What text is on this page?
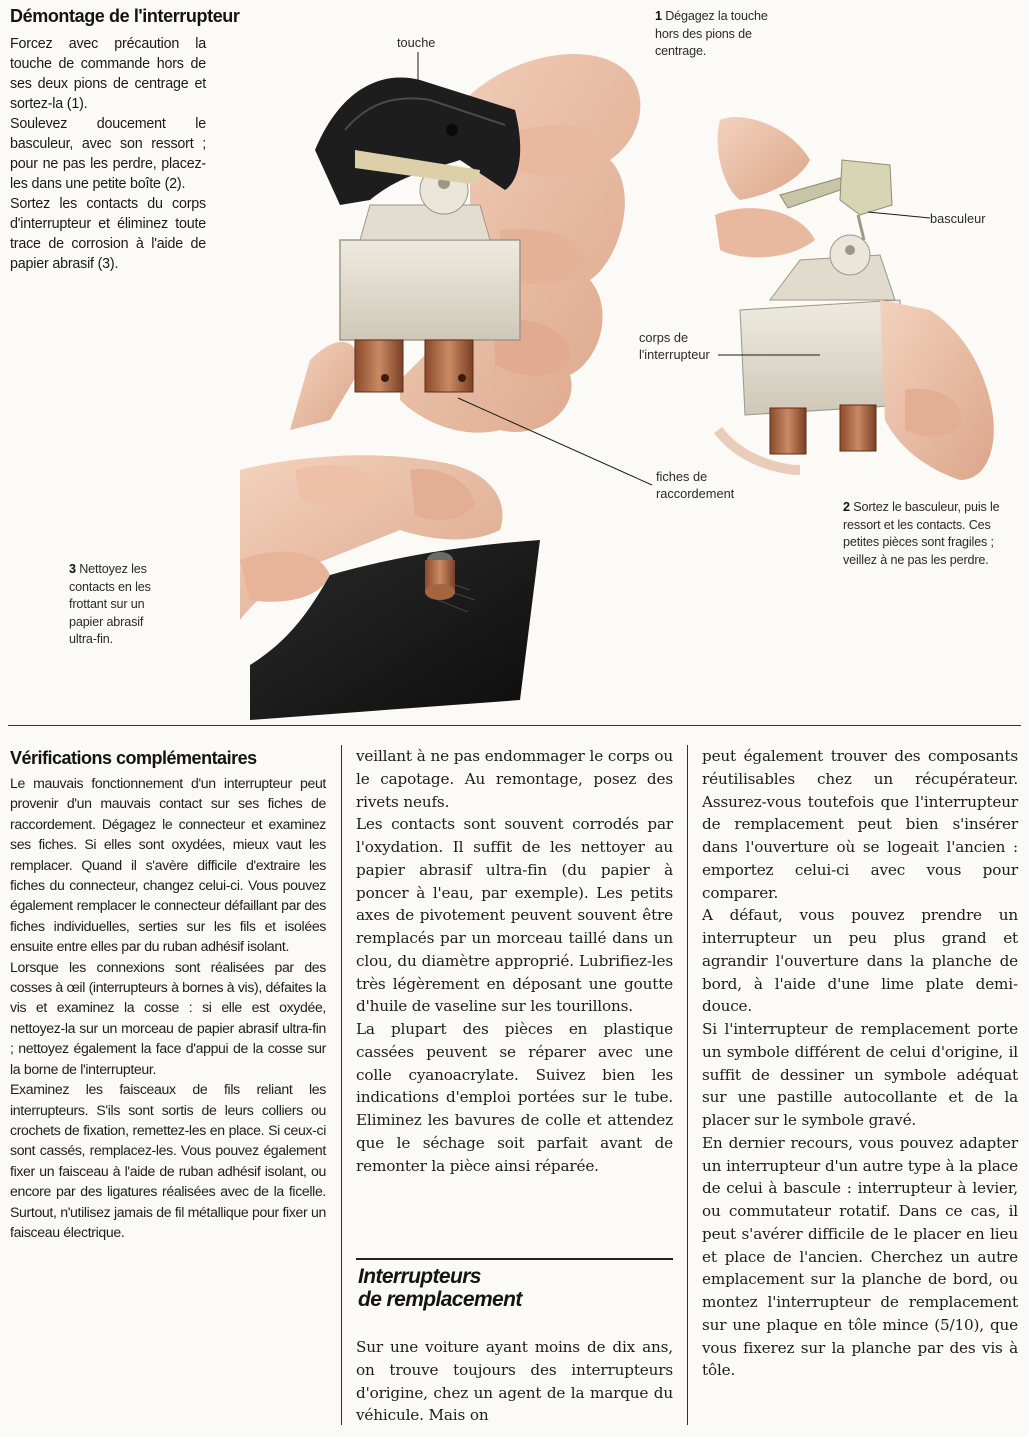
Démontage de l'interrupteur

Forcez avec précaution la touche de commande hors de ses deux pions de centrage et sortez-la (1).

Soulevez doucement le basculeur, avec son ressort ; pour ne pas les perdre, placez-les dans une petite boîte (2).

Sortez les contacts du corps d'interrupteur et éliminez toute trace de corrosion à l'aide de papier abrasif (3).

touche
basculeur
corps de l'interrupteur
fiches de raccordement
1 Dégagez la touche hors des pions de centrage.
2 Sortez le basculeur, puis le ressort et les contacts. Ces petites pièces sont fragiles ; veillez à ne pas les perdre.
3 Nettoyez les contacts en les frottant sur un papier abrasif ultra-fin.
Vérifications complémentaires

Le mauvais fonctionnement d'un interrupteur peut provenir d'un mauvais contact sur ses fiches de raccordement. Dégagez le connecteur et examinez ses fiches. Si elles sont oxydées, mieux vaut les remplacer. Quand il s'avère difficile d'extraire les fiches du connecteur, changez celui-ci. Vous pouvez également remplacer le connecteur défaillant par des fiches individuelles, serties sur les fils et isolées ensuite entre elles par du ruban adhésif isolant.

Lorsque les connexions sont réalisées par des cosses à œil (interrupteurs à bornes à vis), défaites la vis et examinez la cosse : si elle est oxydée, nettoyez-la sur un morceau de papier abrasif ultra-fin ; nettoyez également la face d'appui de la cosse sur la borne de l'interrupteur.

Examinez les faisceaux de fils reliant les interrupteurs. S'ils sont sortis de leurs colliers ou crochets de fixation, remettez-les en place. Si ceux-ci sont cassés, remplacez-les. Vous pouvez également fixer un faisceau à l'aide de ruban adhésif isolant, ou encore par des ligatures réalisées avec de la ficelle. Surtout, n'utilisez jamais de fil métallique pour fixer un faisceau électrique.

veillant à ne pas endommager le corps ou le capotage. Au remontage, posez des rivets neufs.

Les contacts sont souvent corrodés par l'oxydation. Il suffit de les nettoyer au papier abrasif ultra-fin (du papier à poncer à l'eau, par exemple). Les petits axes de pivotement peuvent souvent être remplacés par un morceau taillé dans un clou, du diamètre approprié. Lubrifiez-les très légèrement en déposant une goutte d'huile de vaseline sur les tourillons.

La plupart des pièces en plastique cassées peuvent se réparer avec une colle cyanoacrylate. Suivez bien les indications d'emploi portées sur le tube. Eliminez les bavures de colle et attendez que le séchage soit parfait avant de remonter la pièce ainsi réparée.

Interrupteurs
de remplacement

Sur une voiture ayant moins de dix ans, on trouve toujours des interrupteurs d'origine, chez un agent de la marque du véhicule. Mais on

peut également trouver des composants réutilisables chez un récupérateur. Assurez-vous toutefois que l'interrupteur de remplacement peut bien s'insérer dans l'ouverture où se logeait l'ancien : emportez celui-ci avec vous pour comparer.

A défaut, vous pouvez prendre un interrupteur un peu plus grand et agrandir l'ouverture dans la planche de bord, à l'aide d'une lime plate demi-douce.

Si l'interrupteur de remplacement porte un symbole différent de celui d'origine, il suffit de dessiner un symbole adéquat sur une pastille autocollante et de la placer sur le symbole gravé.

En dernier recours, vous pouvez adapter un interrupteur d'un autre type à la place de celui à bascule : interrupteur à levier, ou commutateur rotatif. Dans ce cas, il peut s'avérer difficile de le placer en lieu et place de l'ancien. Cherchez un autre emplacement sur la planche de bord, ou montez l'interrupteur de remplacement sur une plaque en tôle mince (5/10), que vous fixerez sur la planche par des vis à tôle.
